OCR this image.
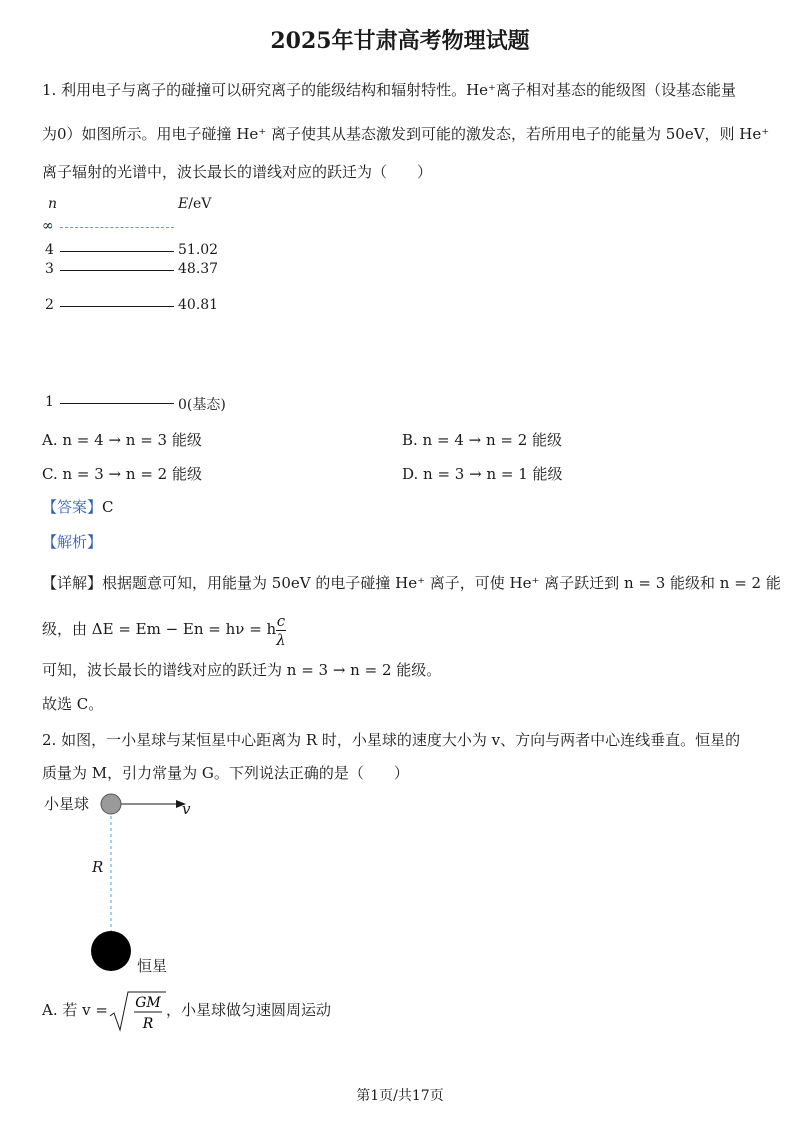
2025年甘肃高考物理试题
1. 利用电子与离子的碰撞可以研究离子的能级结构和辐射特性。He⁺离子相对基态的能级图（设基态能量
为0）如图所示。用电子碰撞 He⁺ 离子使其从基态激发到可能的激发态，若所用电子的能量为 50eV，则 He⁺
离子辐射的光谱中，波长最长的谱线对应的跃迁为（　　）
n	E/eV
∞
4	51.02
3	48.37
2	40.81
1	0(基态)
A. n = 4 → n = 3 能级	B. n = 4 → n = 2 能级
C. n = 3 → n = 2 能级	D. n = 3 → n = 1 能级
【答案】C
【解析】
【详解】根据题意可知，用能量为 50eV 的电子碰撞 He⁺ 离子，可使 He⁺ 离子跃迁到 n = 3 能级和 n = 2 能
级，由 ΔE = Em − En = hν = h $\frac{c}{\lambda}$
可知，波长最长的谱线对应的跃迁为 n = 3 → n = 2 能级。
故选 C。
2. 如图，一小星球与某恒星中心距离为 R 时，小星球的速度大小为 v、方向与两者中心连线垂直。恒星的
质量为 M，引力常量为 G。下列说法正确的是（　　）
小星球	v
R
恒星
A. 若 v = GM
R
，小星球做匀速圆周运动
第1页/共17页
